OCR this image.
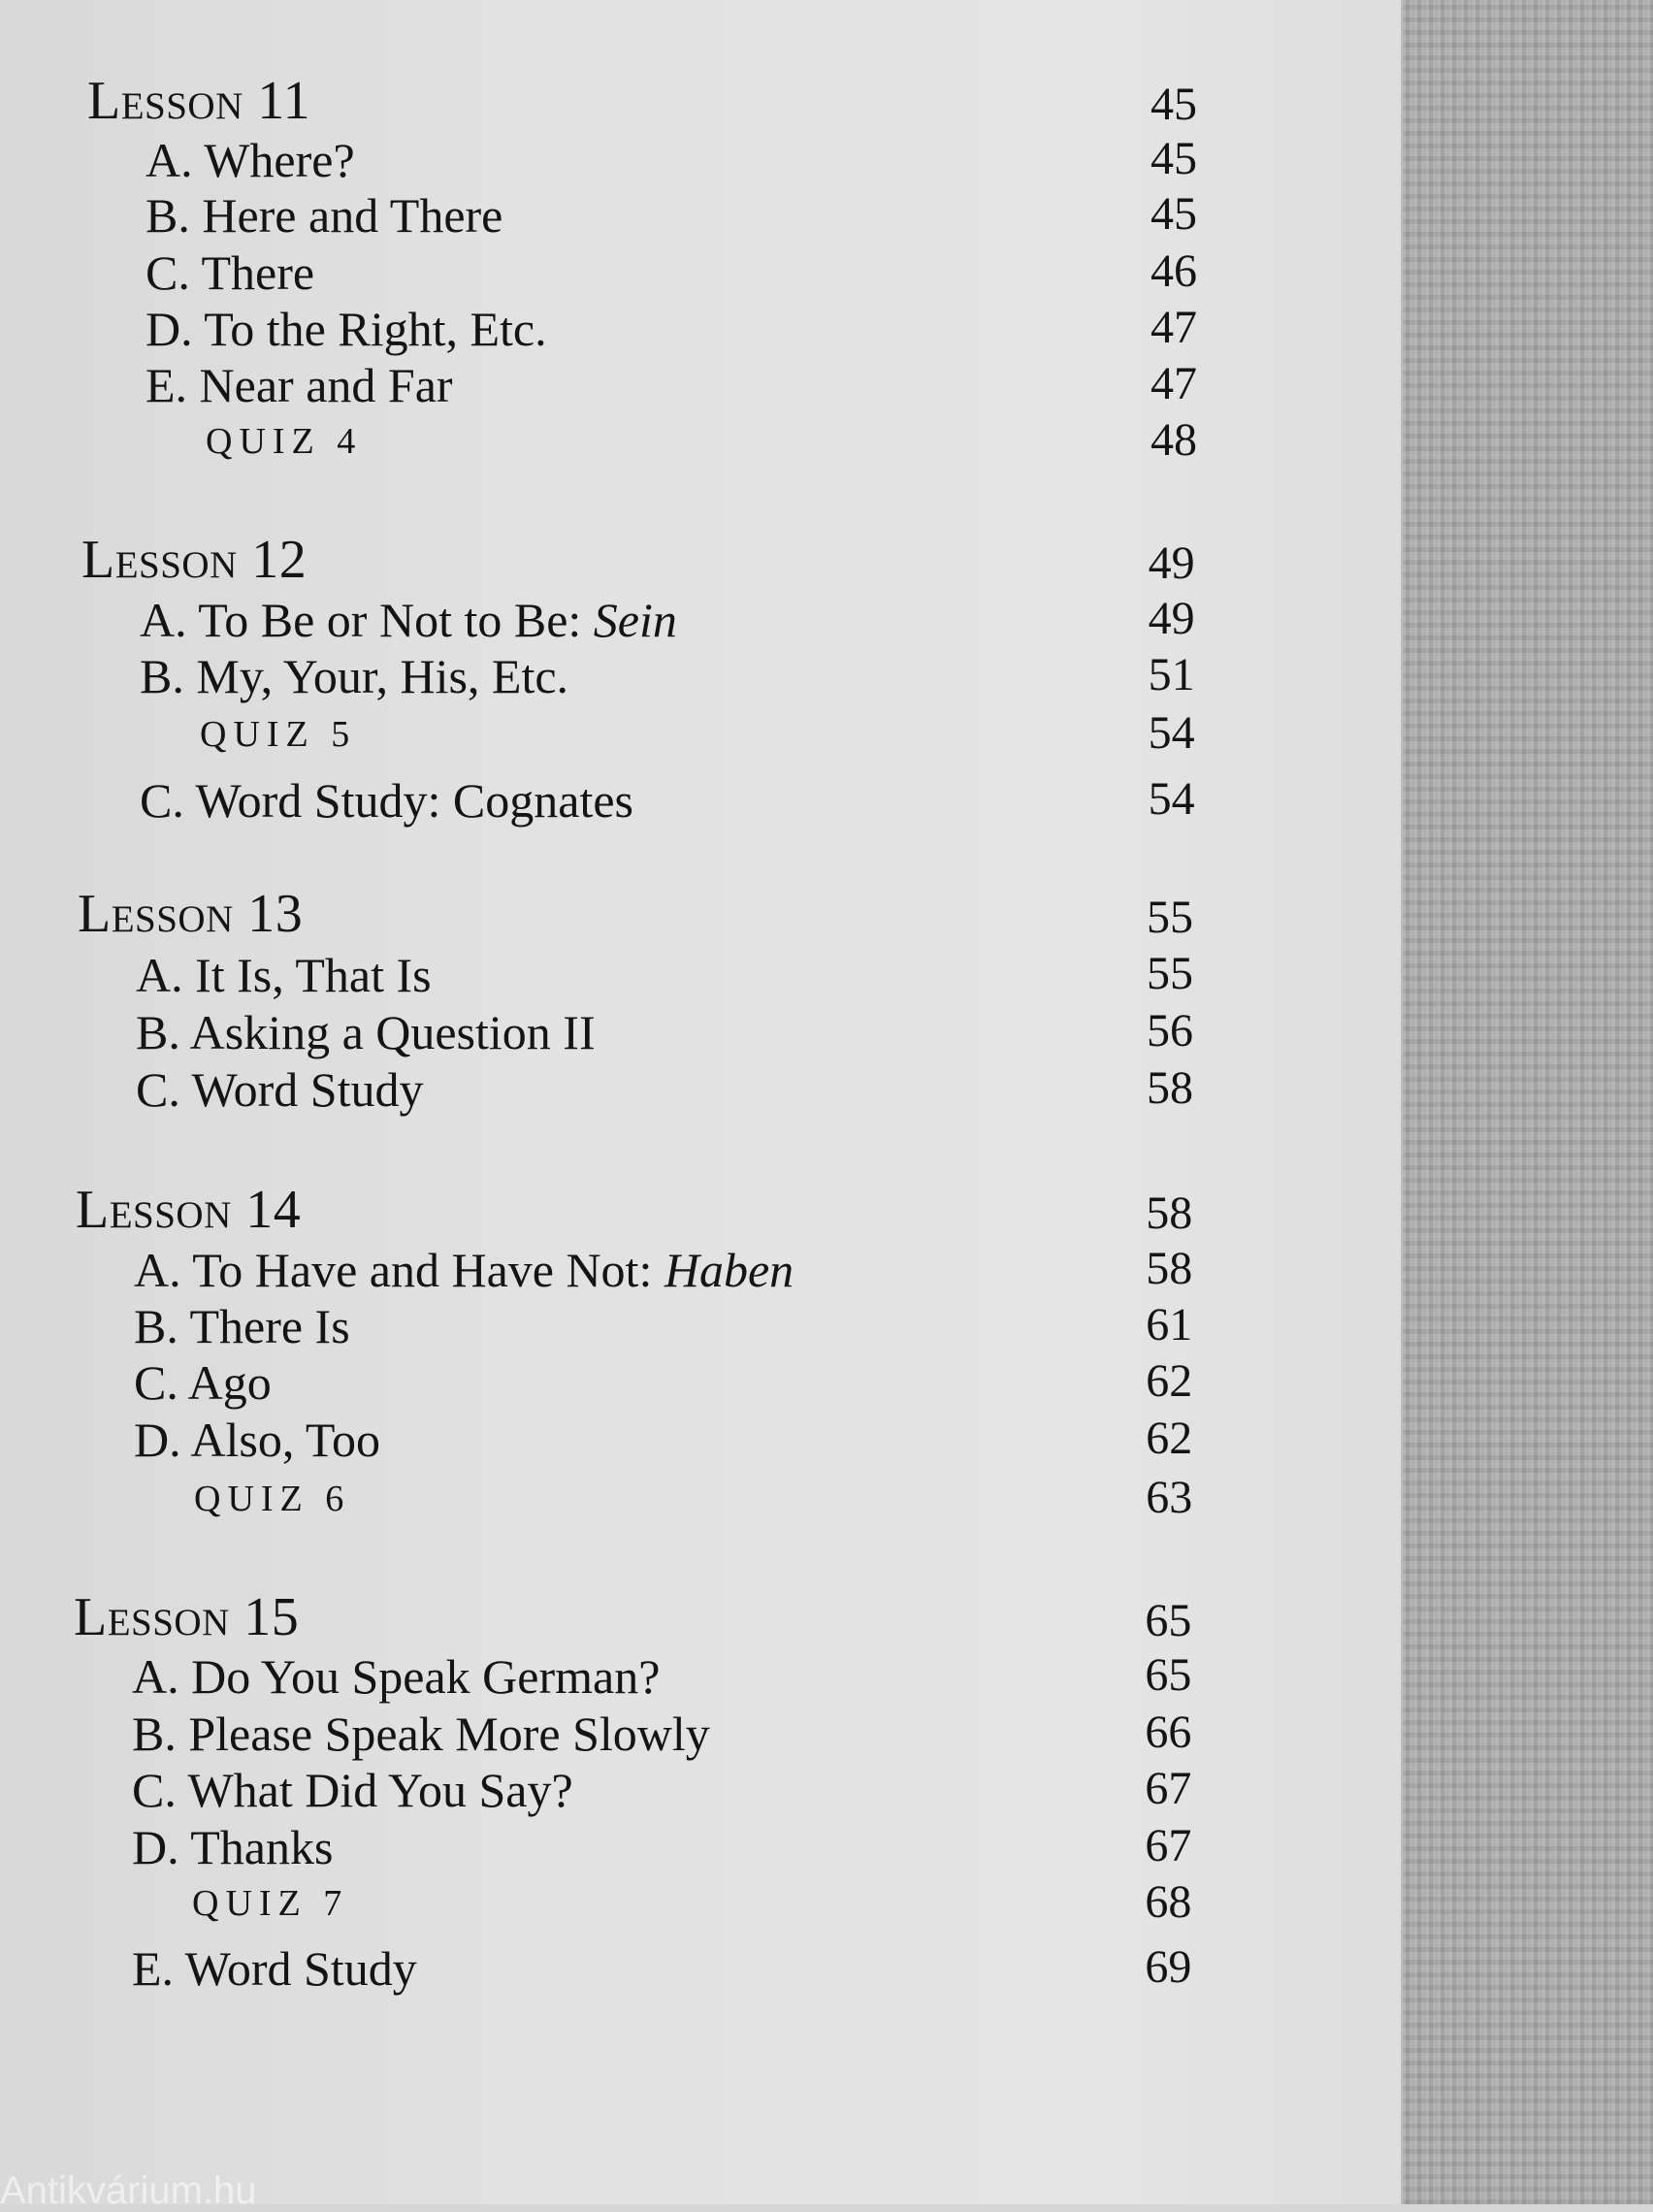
Lesson 11	45
A. Where?	45
B. Here and There	45
C. There	46
D. To the Right, Etc.	47
E. Near and Far	47
QUIZ 4	48
Lesson 12	49
A. To Be or Not to Be: Sein	49
B. My, Your, His, Etc.	51
QUIZ 5	54
C. Word Study: Cognates	54
Lesson 13	55
A. It Is, That Is	55
B. Asking a Question II	56
C. Word Study	58
Lesson 14	58
A. To Have and Have Not: Haben	58
B. There Is	61
C. Ago	62
D. Also, Too	62
QUIZ 6	63
Lesson 15	65
A. Do You Speak German?	65
B. Please Speak More Slowly	66
C. What Did You Say?	67
D. Thanks	67
QUIZ 7	68
E. Word Study	69
Antikvárium.hu
